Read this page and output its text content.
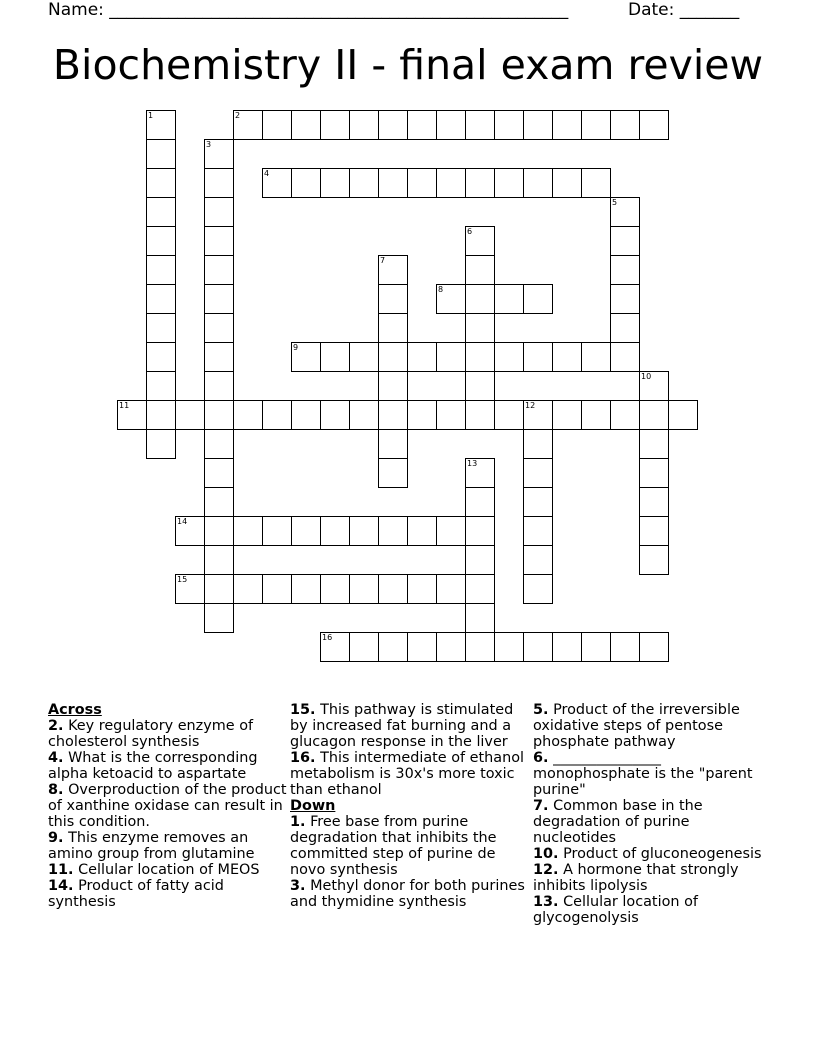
Name: ______________________________________________________	Date: _______
Biochemistry II - final exam review
1	2
3
4
5
6
7
8
9
10
11	12
13
14
15
16
Across
2. Key regulatory enzyme of cholesterol synthesis
4. What is the corresponding alpha ketoacid to aspartate
8. Overproduction of the product of xanthine oxidase can result in this condition.
9. This enzyme removes an amino group from glutamine
11. Cellular location of MEOS
14. Product of fatty acid synthesis
15. This pathway is stimulated by increased fat burning and a glucagon response in the liver
16. This intermediate of ethanol metabolism is 30x's more toxic than ethanol
Down
1. Free base from purine degradation that inhibits the committed step of purine de novo synthesis
3. Methyl donor for both purines and thymidine synthesis
5. Product of the irreversible oxidative steps of pentose phosphate pathway
6. _______________ monophosphate is the "parent purine"
7. Common base in the degradation of purine nucleotides
10. Product of gluconeogenesis
12. A hormone that strongly inhibits lipolysis
13. Cellular location of glycogenolysis
